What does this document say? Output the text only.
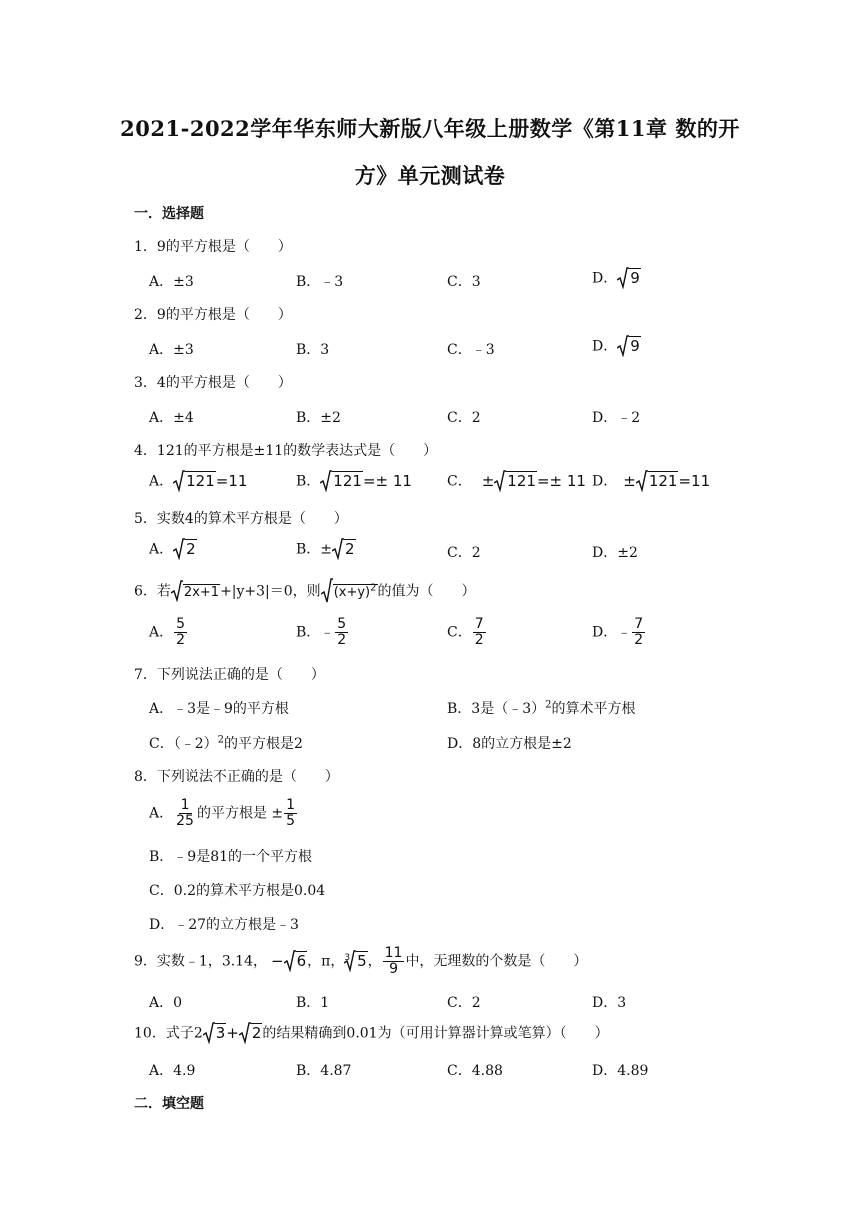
2021-2022学年华东师大新版八年级上册数学《第11章 数的开
方》单元测试卷
一．选择题
1．9的平方根是（　　）
A．±3	B．﹣3	C．3	D． 9
2．9的平方根是（　　）
A．±3	B．3	C．﹣3	D． 9
3．4的平方根是（　　）
A．±4	B．±2	C．2	D．﹣2
4．121的平方根是±11的数学表达式是（　　）
A． 121=11	B． 121=± 11	C． ± 121=± 11 D． ± 121=11
5．实数4的算术平方根是（　　）
A． 2	B．± 2	C．2	D．±2
6．若 2x+1+|y+3|＝0，则 $(x+y)^2$的值为（　　）
A． $\frac{5}{2}$	B．﹣ $\frac{5}{2}$	C． $\frac{7}{2}$	D．﹣ $\frac{7}{2}$
7．下列说法正确的是（　　）
A．﹣3是﹣9的平方根	B．3是（﹣3）$^2$的算术平方根
C．（﹣2）$^2$的平方根是2	D．8的立方根是±2
8．下列说法不正确的是（　　）
A． $\frac{1}{25}$ 的平方根是 ± $\frac{1}{5}$
B．﹣9是81的一个平方根
C．0.2的算术平方根是0.04
D．﹣27的立方根是﹣3
9．实数﹣1，3.14， − 6，π，$^3$ 5， $\frac{11}{9}$ 中，无理数的个数是（　　）
A．0	B．1	C．2	D．3
10．式子2 3+ 2的结果精确到0.01为（可用计算器计算或笔算）（　　）
A．4.9	B．4.87	C．4.88	D．4.89
二．填空题
